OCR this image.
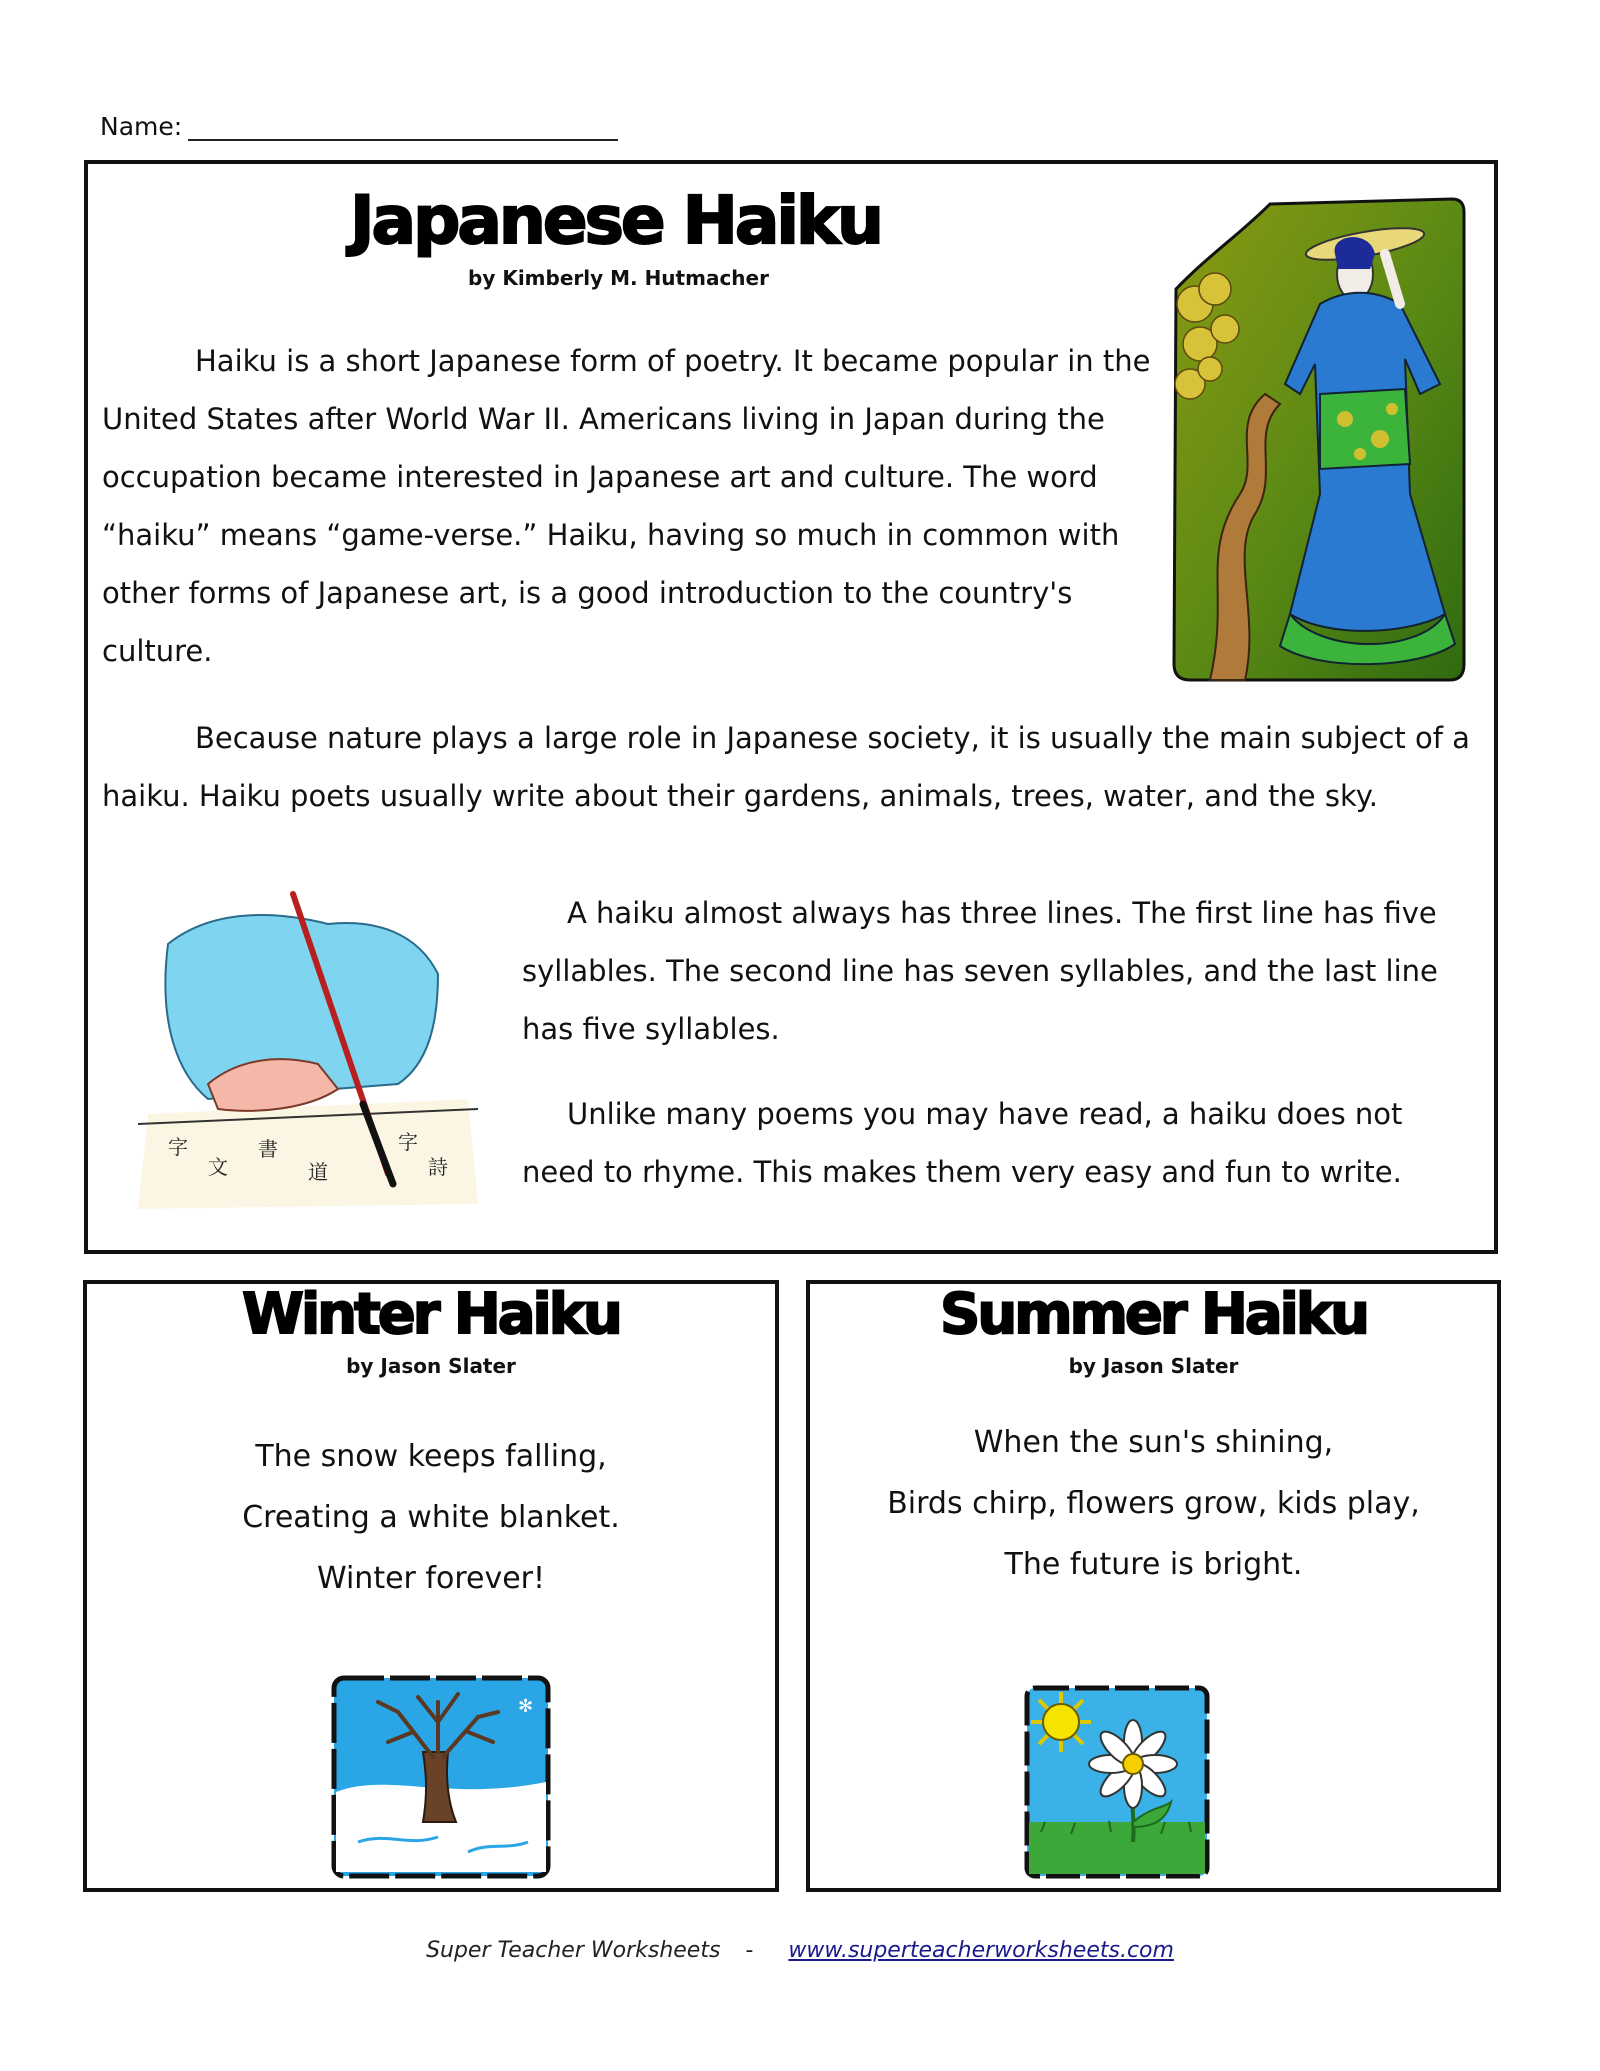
Name:
Japanese Haiku
by Kimberly M. Hutmacher

Haiku is a short Japanese form of poetry. It became popular in the United States after World War II. Americans living in Japan during the occupation became interested in Japanese art and culture. The word “haiku” means “game-verse.” Haiku, having so much in common with other forms of Japanese art, is a good introduction to the country's culture.

Because nature plays a large role in Japanese society, it is usually the main subject of a haiku. Haiku poets usually write about their gardens, animals, trees, water, and the sky.

字
文
書
道
字
詩

A haiku almost always has three lines. The first line has five syllables. The second line has seven syllables, and the last line has five syllables.

Unlike many poems you may have read, a haiku does not need to rhyme. This makes them very easy and fun to write.

Winter Haiku
by Jason Slater
The snow keeps falling,
Creating a white blanket.
Winter forever!
✻
Summer Haiku
by Jason Slater
When the sun's shining,
Birds chirp, flowers grow, kids play,
The future is bright.
Super Teacher Worksheets - www.superteacherworksheets.com
